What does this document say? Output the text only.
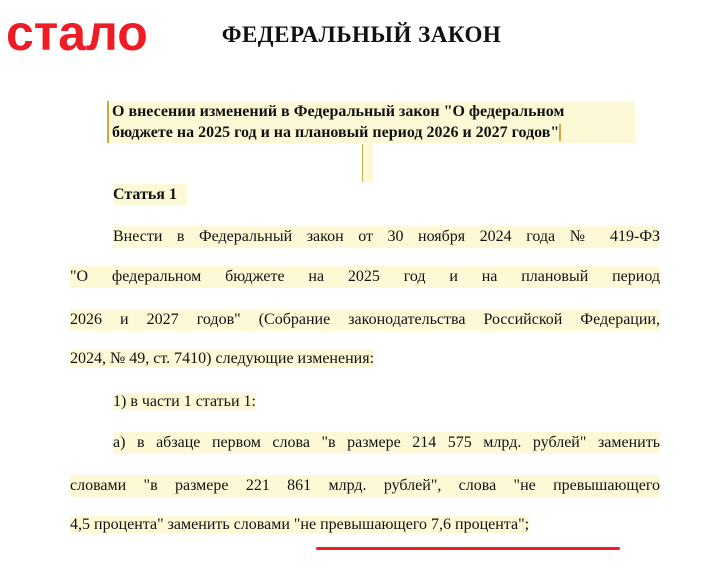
стало	ФЕДЕРАЛЬНЫЙ ЗАКОН
О внесении изменений в Федеральный закон "О федеральном
бюджете на 2025 год и на плановый период 2026 и 2027 годов"
Статья 1
Внести в Федеральный закон от 30 ноября 2024 года № 419-ФЗ
"О федеральном бюджете на 2025 год и на плановый период
2026 и 2027 годов" (Собрание законодательства Российской Федерации,
2024, № 49, ст. 7410) следующие изменения:
1) в части 1 статьи 1:
а) в абзаце первом слова "в размере 214 575 млрд. рублей" заменить
словами "в размере 221 861 млрд. рублей", слова "не превышающего
4,5 процента" заменить словами "не превышающего 7,6 процента";
